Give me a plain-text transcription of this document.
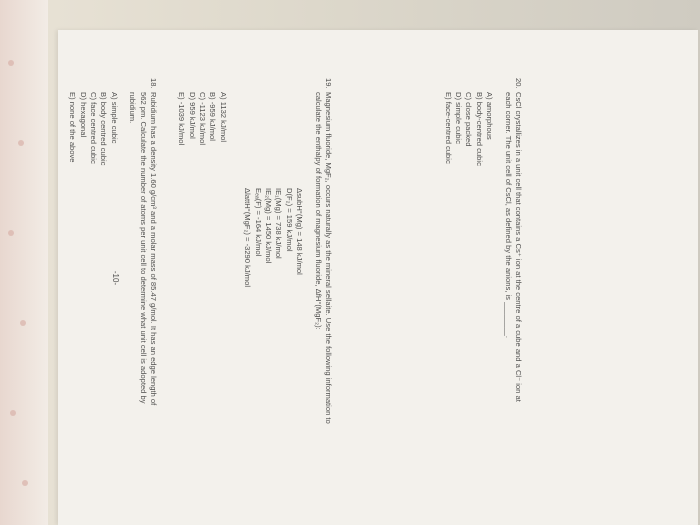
-10-
18.
Rubidium has a density 1.60 g/cm³ and a molar mass of 85.47 g/mol. It has an edge length of 562 pm. Calculate the number of atoms per unit cell to determine what unit cell is adopted by rubidium.
A) simple cubic
B) body centred cubic
C) face centred cubic
D) hexagonal
E) none of the above
19.
Magnesium fluoride, MgF₂, occurs naturally as the mineral sellaite. Use the following information to calculate the enthalpy of formation of magnesium fluoride, ΔfH°(MgF₂):
ΔsubH°(Mg) = 148 kJ/mol
D(F₂) = 159 kJ/mol
IE₁(Mg) = 738 kJ/mol
IE₂(Mg) = 1450 kJ/mol
Eₑₐ(F) = -164 kJ/mol
ΔlattH°(MgF₂) = -3290 kJ/mol
A) 1132 kJ/mol
B) -959 kJ/mol
C) -1123 kJ/mol
D) 959 kJ/mol
E) -1039 kJ/mol
20.
CsCl crystallizes in a unit cell that contains a Cs⁺ ion at the centre of a cube and a Cl⁻ ion at each corner. The unit cell of CsCl, as defined by the anions, is ________.
A) amorphous
B) body-centred cubic
C) close packed
D) simple cubic
E) face-centred cubic
